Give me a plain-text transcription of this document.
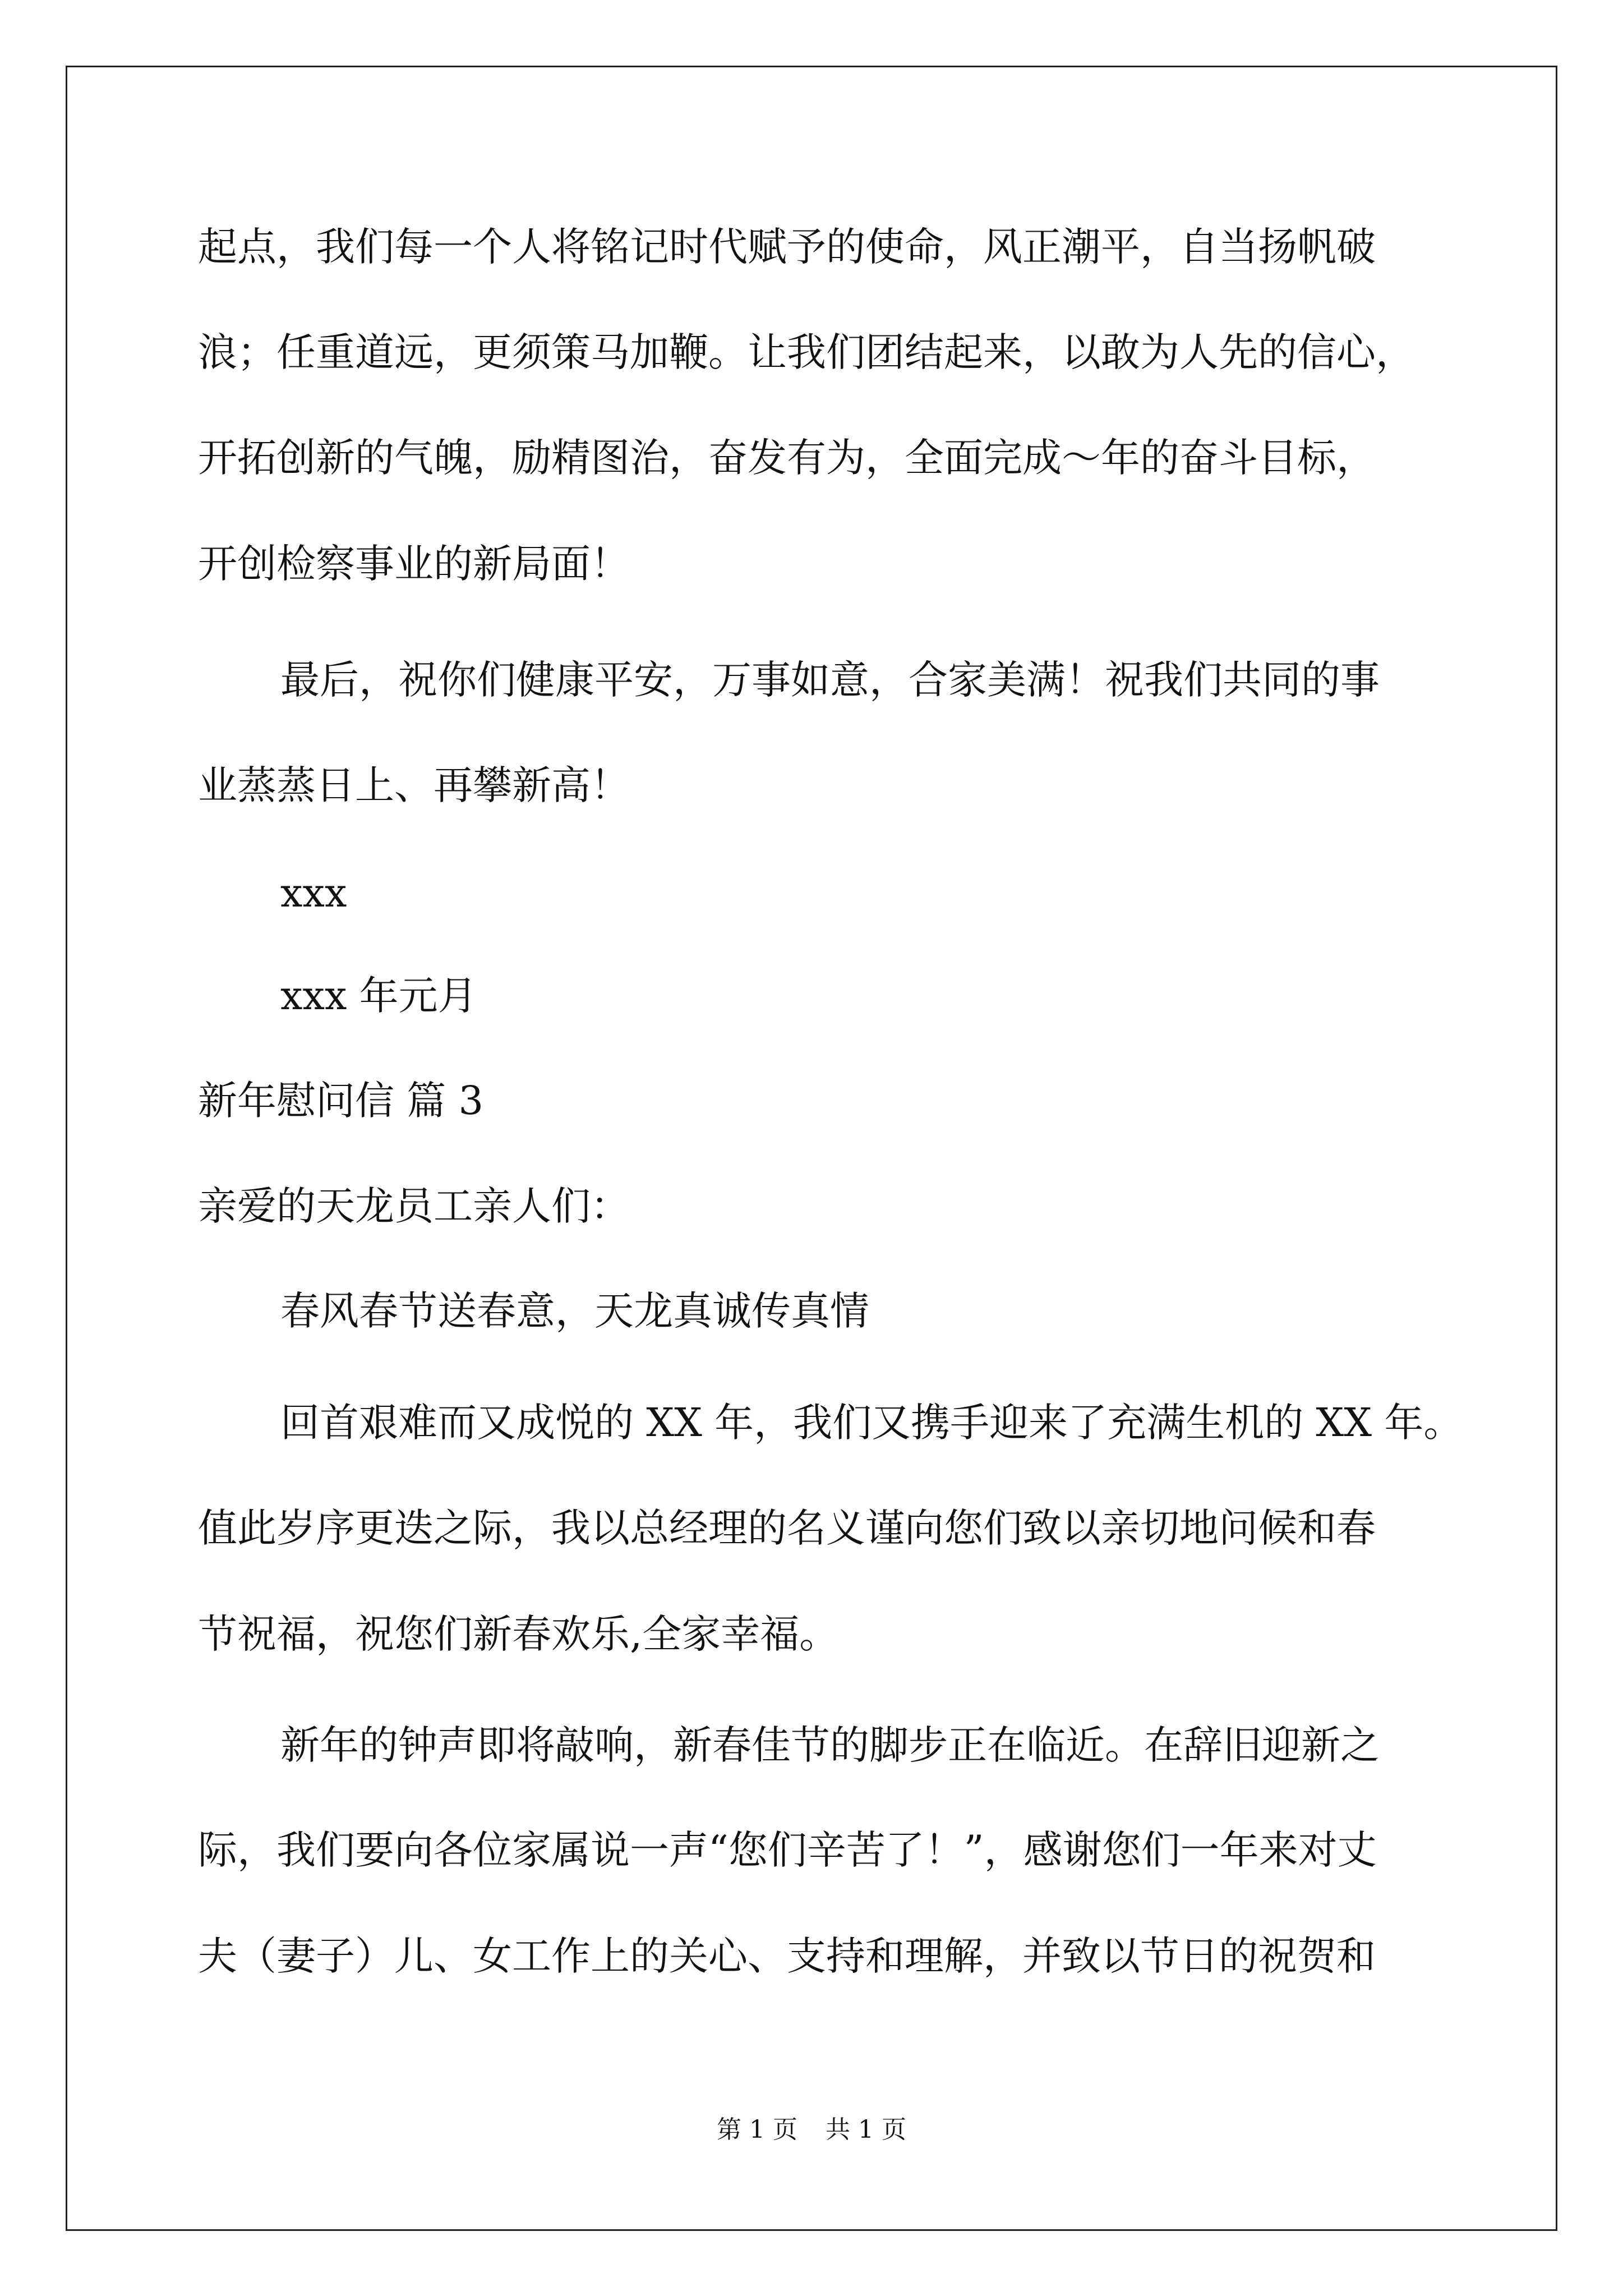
起点，我们每一个人将铭记时代赋予的使命，风正潮平，自当扬帆破
浪；任重道远，更须策马加鞭。让我们团结起来，以敢为人先的信心，
开拓创新的气魄，励精图治，奋发有为，全面完成～年的奋斗目标，
开创检察事业的新局面！
最后，祝你们健康平安，万事如意，合家美满！祝我们共同的事
业蒸蒸日上、再攀新高！
xxx
xxx 年元月
新年慰问信 篇 3
亲爱的天龙员工亲人们：
春风春节送春意，天龙真诚传真情
回首艰难而又成悦的 XX 年，我们又携手迎来了充满生机的 XX 年。
值此岁序更迭之际，我以总经理的名义谨向您们致以亲切地问候和春
节祝福，祝您们新春欢乐,全家幸福。
新年的钟声即将敲响，新春佳节的脚步正在临近。在辞旧迎新之
际，我们要向各位家属说一声“您们辛苦了！”，感谢您们一年来对丈
夫（妻子）儿、女工作上的关心、支持和理解，并致以节日的祝贺和
第 1 页 共 1 页
